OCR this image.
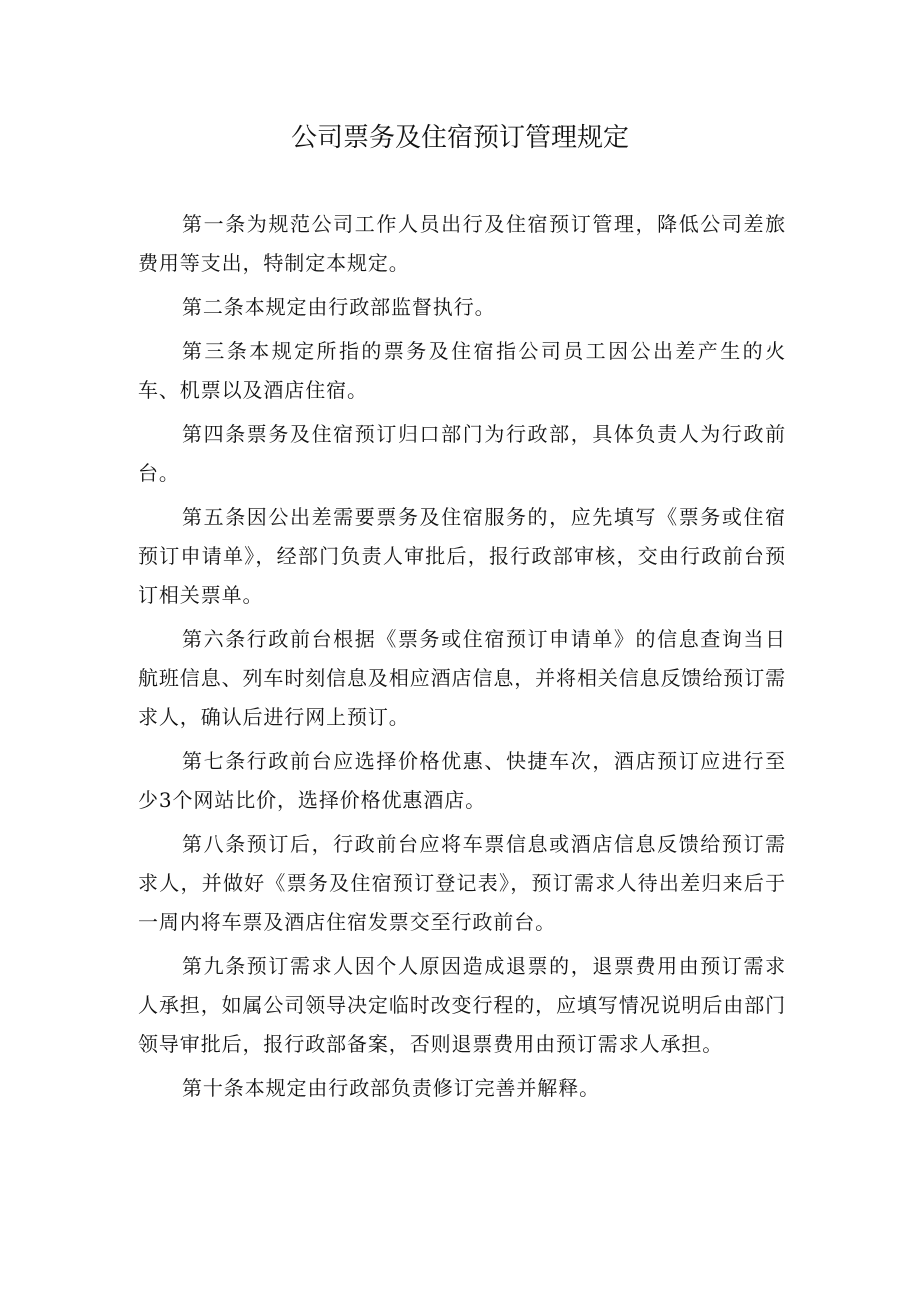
公司票务及住宿预订管理规定

第一条为规范公司工作人员出行及住宿预订管理，降低公司差旅费用等支出，特制定本规定。

第二条本规定由行政部监督执行。

第三条本规定所指的票务及住宿指公司员工因公出差产生的火车、机票以及酒店住宿。

第四条票务及住宿预订归口部门为行政部，具体负责人为行政前台。

第五条因公出差需要票务及住宿服务的，应先填写《票务或住宿预订申请单》，经部门负责人审批后，报行政部审核，交由行政前台预订相关票单。

第六条行政前台根据《票务或住宿预订申请单》的信息查询当日航班信息、列车时刻信息及相应酒店信息，并将相关信息反馈给预订需求人，确认后进行网上预订。

第七条行政前台应选择价格优惠、快捷车次，酒店预订应进行至少3个网站比价，选择价格优惠酒店。

第八条预订后，行政前台应将车票信息或酒店信息反馈给预订需求人，并做好《票务及住宿预订登记表》，预订需求人待出差归来后于一周内将车票及酒店住宿发票交至行政前台。

第九条预订需求人因个人原因造成退票的，退票费用由预订需求人承担，如属公司领导决定临时改变行程的，应填写情况说明后由部门领导审批后，报行政部备案，否则退票费用由预订需求人承担。

第十条本规定由行政部负责修订完善并解释。
